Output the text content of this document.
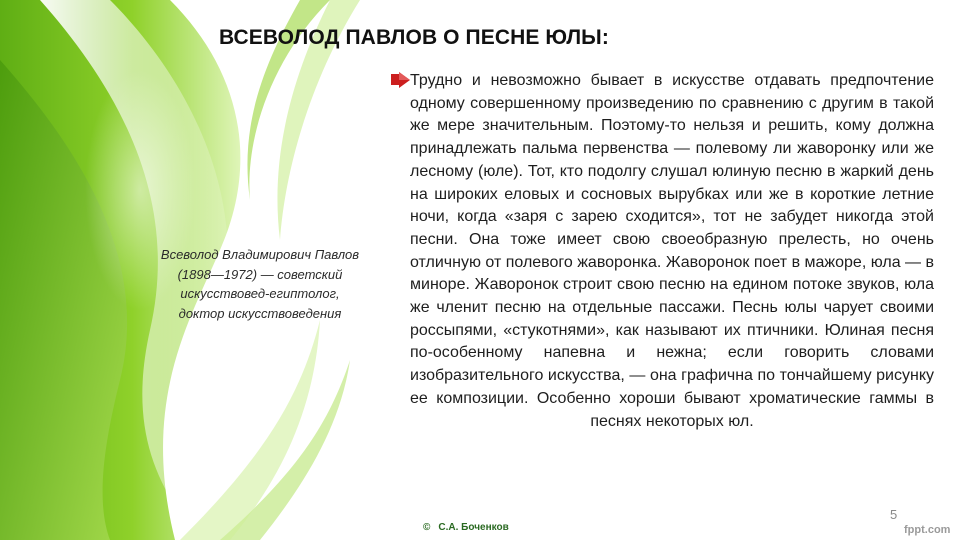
ВСЕВОЛОД ПАВЛОВ О ПЕСНЕ ЮЛЫ:
Всеволод Владимирович Павлов (1898—1972) — советский искусствовед-египтолог, доктор искусствоведения
Трудно и невозможно бывает в искусстве отдавать предпочтение одному совершенному произведению по сравнению с другим в такой же мере значительным. Поэтому-то нельзя и решить, кому должна принадлежать пальма первенства — полевому ли жаворонку или же лесному (юле). Тот, кто подолгу слушал юлиную песню в жаркий день на широких еловых и сосновых вырубках или же в короткие летние ночи, когда «заря с зарею сходится», тот не забудет никогда этой песни. Она тоже имеет свою своеобразную прелесть, но очень отличную от полевого жаворонка. Жаворонок поет в мажоре, юла — в миноре. Жаворонок строит свою песню на едином потоке звуков, юла же членит песню на отдельные пассажи. Песнь юлы чарует своими россыпями, «стукотнями», как называют их птичники. Юлиная песня по-особенному напевна и нежна; если говорить словами изобразительного искусства, — она графична по тончайшему рисунку ее композиции. Особенно хороши бывают хроматические гаммы в песнях некоторых юл.
5
© С.А. Боченков	fppt.com
